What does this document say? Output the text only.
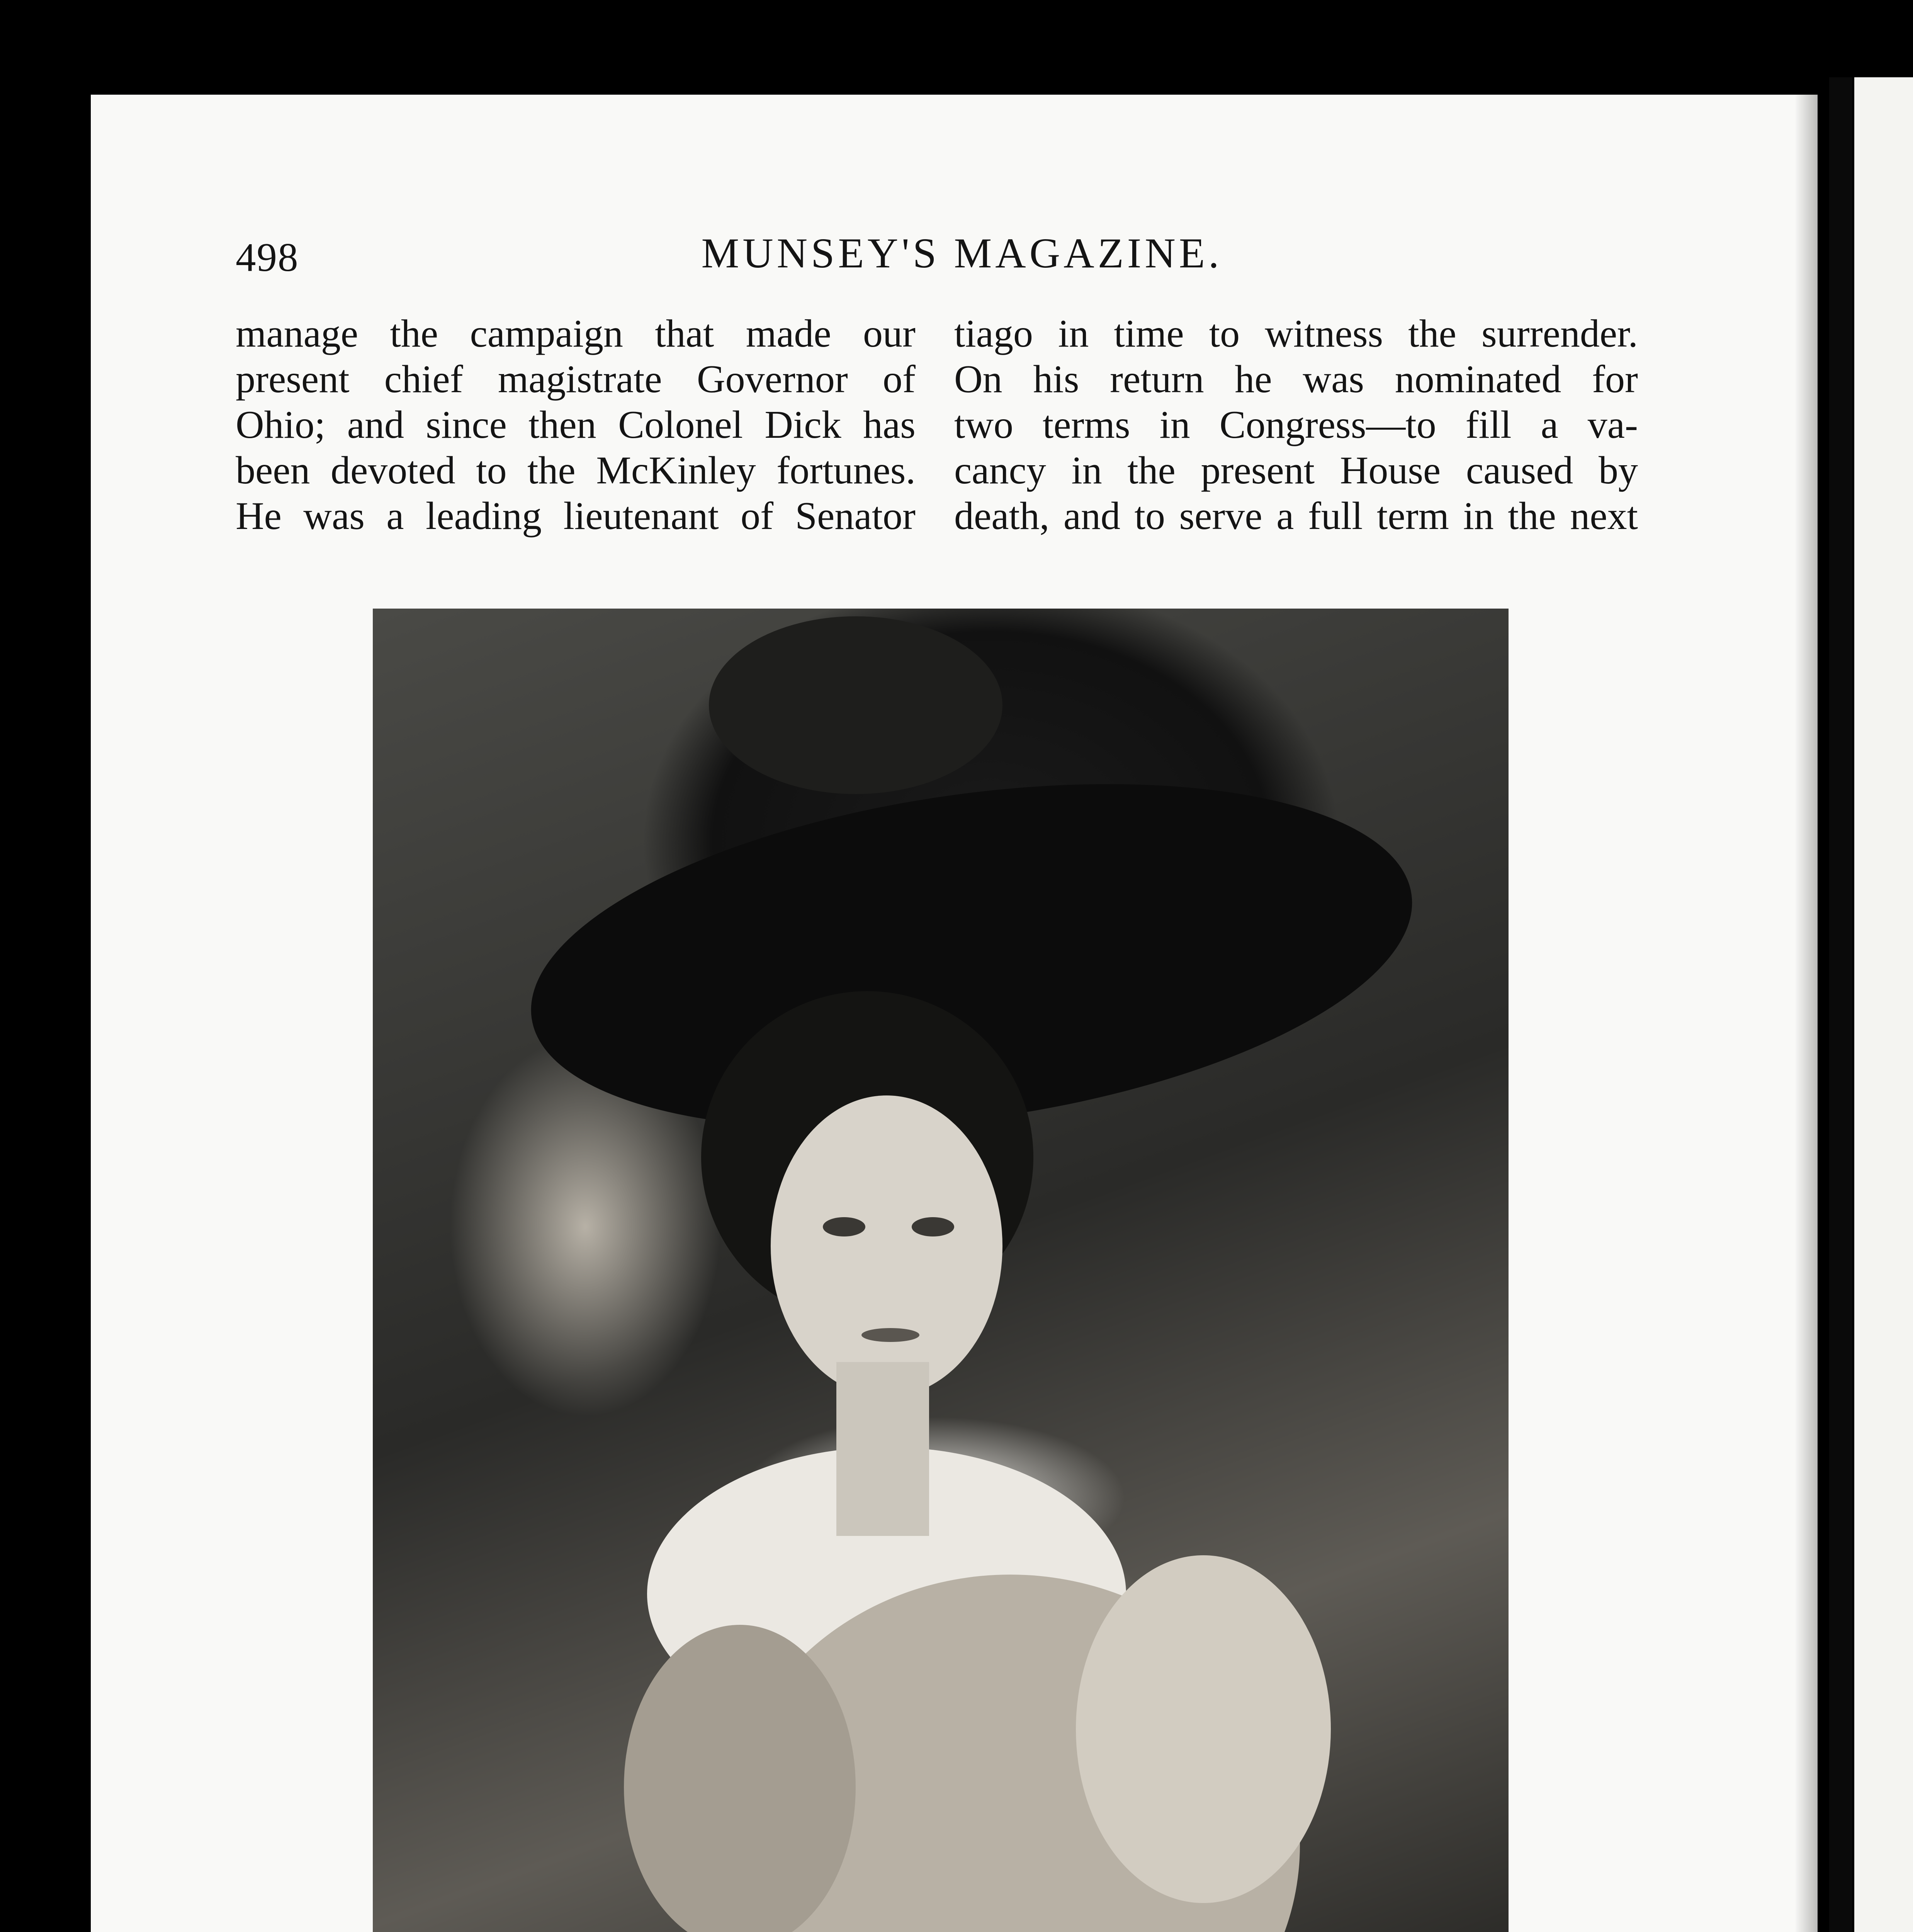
498	MUNSEY'S MAGAZINE.
manage the campaign that made our
present chief magistrate Governor of
Ohio; and since then Colonel Dick has
been devoted to the McKinley fortunes.
He was a leading lieutenant of Senator
tiago in time to witness the surrender.
On his return he was nominated for
two terms in Congress—to fill a va-
cancy in the present House caused by
death, and to serve a full term in the next
